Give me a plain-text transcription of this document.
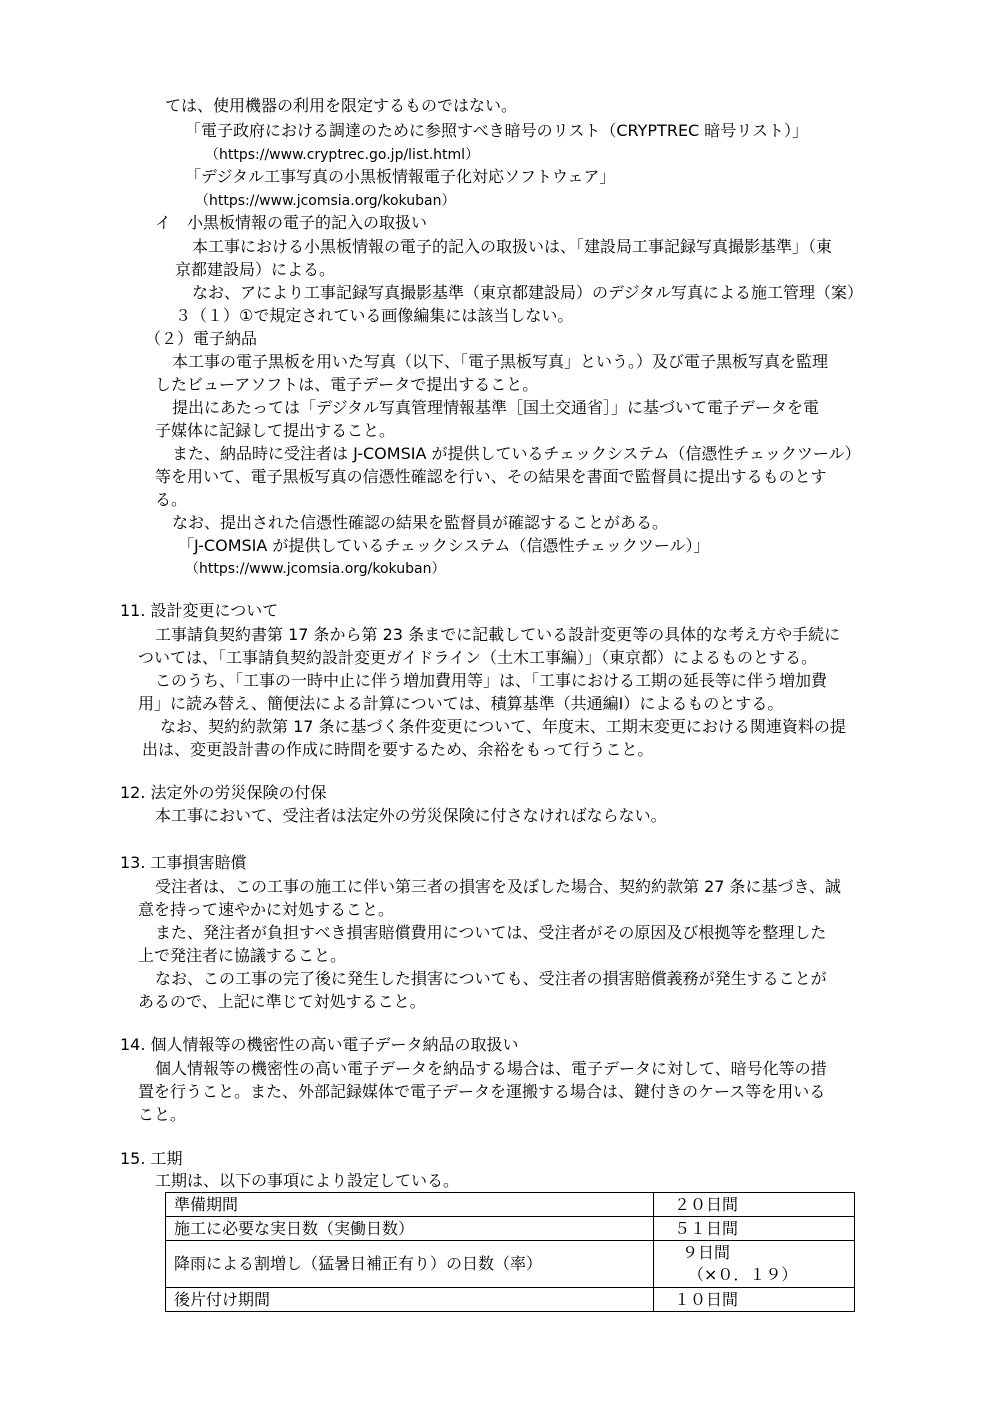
ては、使用機器の利用を限定するものではない。
「電子政府における調達のために参照すべき暗号のリスト（CRYPTREC 暗号リスト）」
（https://www.cryptrec.go.jp/list.html）
「デジタル工事写真の小黒板情報電子化対応ソフトウェア」
（https://www.jcomsia.org/kokuban）
イ　小黒板情報の電子的記入の取扱い
本工事における小黒板情報の電子的記入の取扱いは、「建設局工事記録写真撮影基準」（東
京都建設局）による。
なお、アにより工事記録写真撮影基準（東京都建設局）のデジタル写真による施工管理（案）
３（１）①で規定されている画像編集には該当しない。
（２）電子納品
本工事の電子黒板を用いた写真（以下、「電子黒板写真」という。）及び電子黒板写真を監理
したビューアソフトは、電子データで提出すること。
提出にあたっては「デジタル写真管理情報基準［国土交通省］」に基づいて電子データを電
子媒体に記録して提出すること。
また、納品時に受注者は J-COMSIA が提供しているチェックシステム（信憑性チェックツール）
等を用いて、電子黒板写真の信憑性確認を行い、その結果を書面で監督員に提出するものとす
る。
なお、提出された信憑性確認の結果を監督員が確認することがある。
「J-COMSIA が提供しているチェックシステム（信憑性チェックツール）」
（https://www.jcomsia.org/kokuban）
11. 設計変更について
工事請負契約書第 17 条から第 23 条までに記載している設計変更等の具体的な考え方や手続に
ついては、「工事請負契約設計変更ガイドライン（土木工事編）」（東京都）によるものとする。
このうち、「工事の一時中止に伴う増加費用等」は、「工事における工期の延長等に伴う増加費
用」に読み替え、簡便法による計算については、積算基準（共通編Ⅰ）によるものとする。
なお、契約約款第 17 条に基づく条件変更について、年度末、工期末変更における関連資料の提
出は、変更設計書の作成に時間を要するため、余裕をもって行うこと。
12. 法定外の労災保険の付保
本工事において、受注者は法定外の労災保険に付さなければならない。
13. 工事損害賠償
受注者は、この工事の施工に伴い第三者の損害を及ぼした場合、契約約款第 27 条に基づき、誠
意を持って速やかに対処すること。
また、発注者が負担すべき損害賠償費用については、受注者がその原因及び根拠等を整理した
上で発注者に協議すること。
なお、この工事の完了後に発生した損害についても、受注者の損害賠償義務が発生することが
あるので、上記に準じて対処すること。
14. 個人情報等の機密性の高い電子データ納品の取扱い
個人情報等の機密性の高い電子データを納品する場合は、電子データに対して、暗号化等の措
置を行うこと。また、外部記録媒体で電子データを運搬する場合は、鍵付きのケース等を用いる
こと。
15. 工期
工期は、以下の事項により設定している。
準備期間	２０日間
施工に必要な実日数（実働日数）	５１日間
降雨による割増し（猛暑日補正有り）の日数（率）	９日間
（×０．１９）

後片付け期間	１０日間
